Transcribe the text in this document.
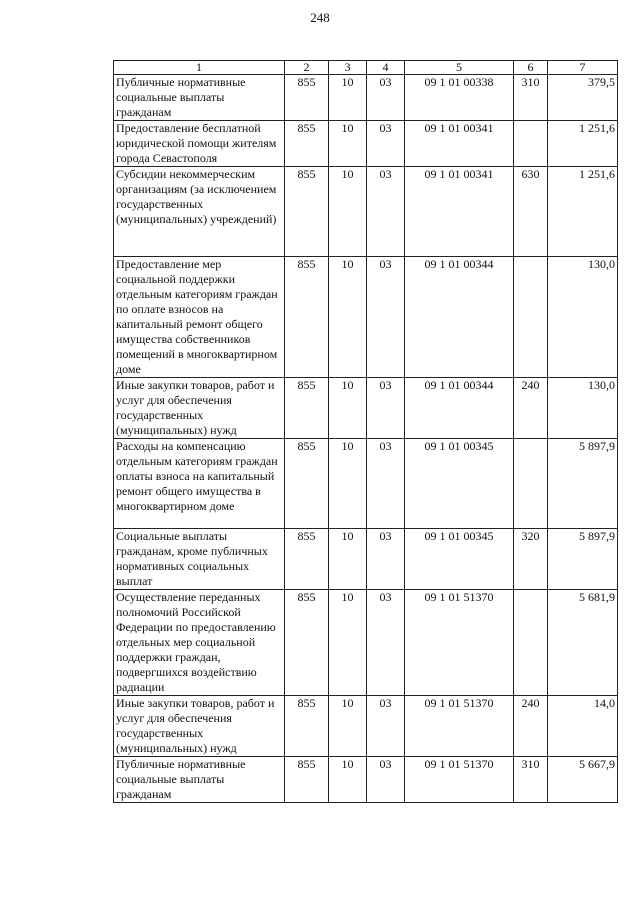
248
1	2	3	4	5	6	7
Публичные нормативные социальные выплаты гражданам	855	10	03	09 1 01 00338	310	379,5
Предоставление бесплатной юридической помощи жителям города Севастополя	855	10	03	09 1 01 00341		1 251,6
Субсидии некоммерческим организациям (за исключением государственных (муниципальных) учреждений)	855	10	03	09 1 01 00341	630	1 251,6
Предоставление мер социальной поддержки отдельным категориям граждан по оплате взносов на капитальный ремонт общего имущества собственников помещений в многоквартирном доме	855	10	03	09 1 01 00344		130,0
Иные закупки товаров, работ и услуг для обеспечения государственных (муниципальных) нужд	855	10	03	09 1 01 00344	240	130,0
Расходы на компенсацию отдельным категориям граждан оплаты взноса на капитальный ремонт общего имущества в многоквартирном доме	855	10	03	09 1 01 00345		5 897,9
Социальные выплаты гражданам, кроме публичных нормативных социальных выплат	855	10	03	09 1 01 00345	320	5 897,9
Осуществление переданных полномочий Российской Федерации по предоставлению отдельных мер социальной поддержки граждан, подвергшихся воздействию радиации	855	10	03	09 1 01 51370		5 681,9
Иные закупки товаров, работ и услуг для обеспечения государственных (муниципальных) нужд	855	10	03	09 1 01 51370	240	14,0
Публичные нормативные социальные выплаты гражданам	855	10	03	09 1 01 51370	310	5 667,9
